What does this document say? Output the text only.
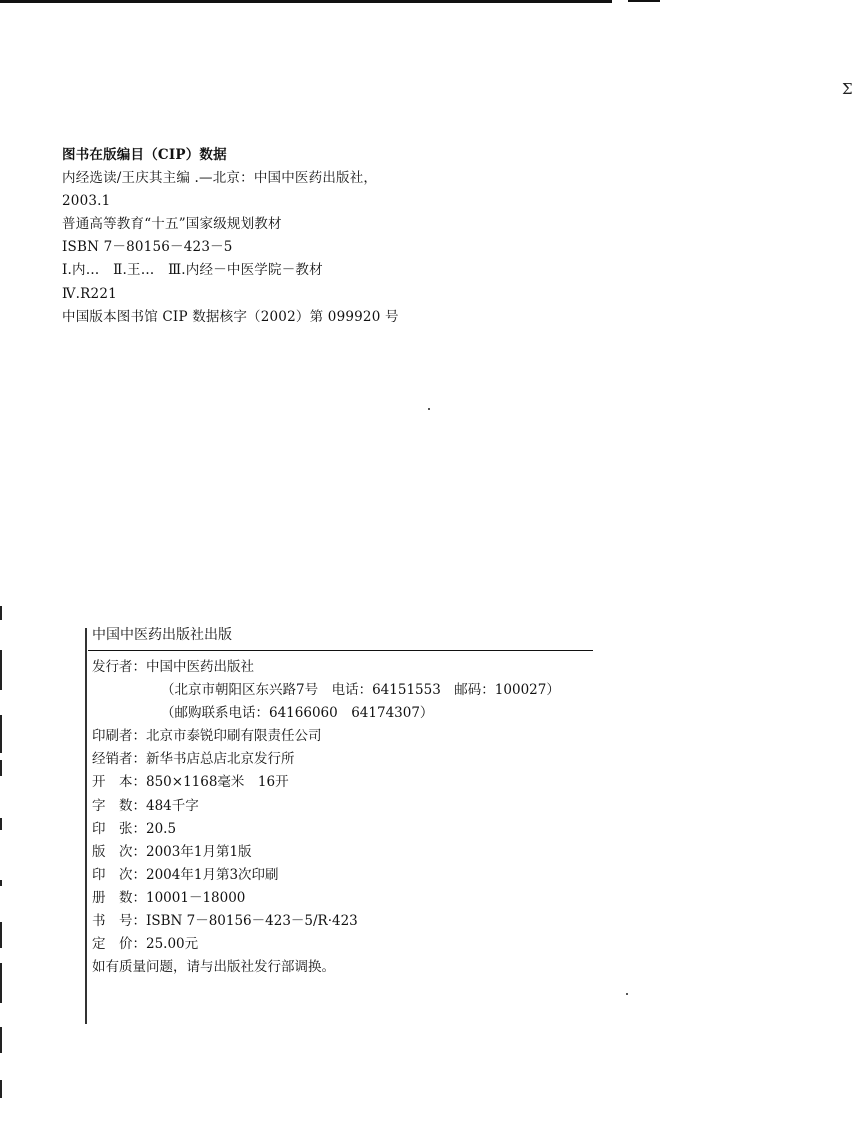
Ʃ
图书在版编目（CIP）数据
内经选读/王庆其主编 .—北京：中国中医药出版社，
2003.1
普通高等教育“十五”国家级规划教材
ISBN 7－80156－423－5
Ⅰ.内…　Ⅱ.王…　Ⅲ.内经－中医学院－教材
Ⅳ.R221
中国版本图书馆 CIP 数据核字（2002）第 099920 号
中国中医药出版社出版
发行者：中国中医药出版社
（北京市朝阳区东兴路7号　电话：64151553　邮码：100027）
（邮购联系电话：64166060　64174307）
印刷者：北京市泰锐印刷有限责任公司
经销者：新华书店总店北京发行所
开　本：850×1168毫米　16开
字　数：484千字
印　张：20.5
版　次：2003年1月第1版
印　次：2004年1月第3次印刷
册　数：10001－18000
书　号：ISBN 7－80156－423－5/R·423
定　价：25.00元
如有质量问题，请与出版社发行部调换。
